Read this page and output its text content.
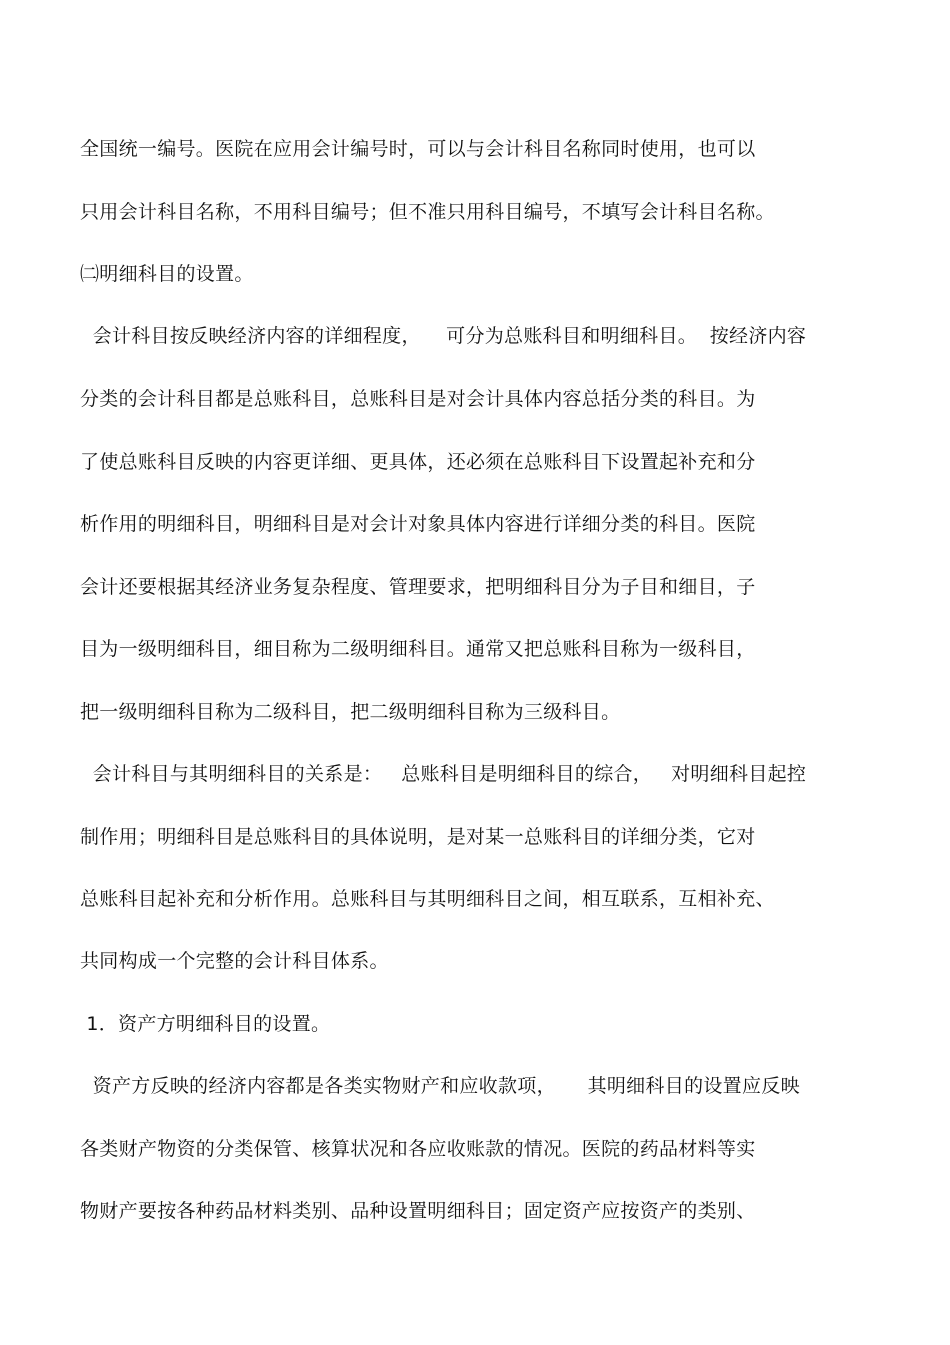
全国统一编号。医院在应用会计编号时，可以与会计科目名称同时使用，也可以
只用会计科目名称，不用科目编号；但不准只用科目编号，不填写会计科目名称。
㈡明细科目的设置。
会计科目按反映经济内容的详细程度，    可分为总账科目和明细科目。  按经济内容
分类的会计科目都是总账科目，总账科目是对会计具体内容总括分类的科目。为
了使总账科目反映的内容更详细、更具体，还必须在总账科目下设置起补充和分
析作用的明细科目，明细科目是对会计对象具体内容进行详细分类的科目。医院
会计还要根据其经济业务复杂程度、管理要求，把明细科目分为子目和细目，子
目为一级明细科目，细目称为二级明细科目。通常又把总账科目称为一级科目，
把一级明细科目称为二级科目，把二级明细科目称为三级科目。
会计科目与其明细科目的关系是：   总账科目是明细科目的综合，   对明细科目起控
制作用；明细科目是总账科目的具体说明，是对某一总账科目的详细分类，它对
总账科目起补充和分析作用。总账科目与其明细科目之间，相互联系，互相补充、
共同构成一个完整的会计科目体系。
1．资产方明细科目的设置。
资产方反映的经济内容都是各类实物财产和应收款项，     其明细科目的设置应反映
各类财产物资的分类保管、核算状况和各应收账款的情况。医院的药品材料等实
物财产要按各种药品材料类别、品种设置明细科目；固定资产应按资产的类别、
